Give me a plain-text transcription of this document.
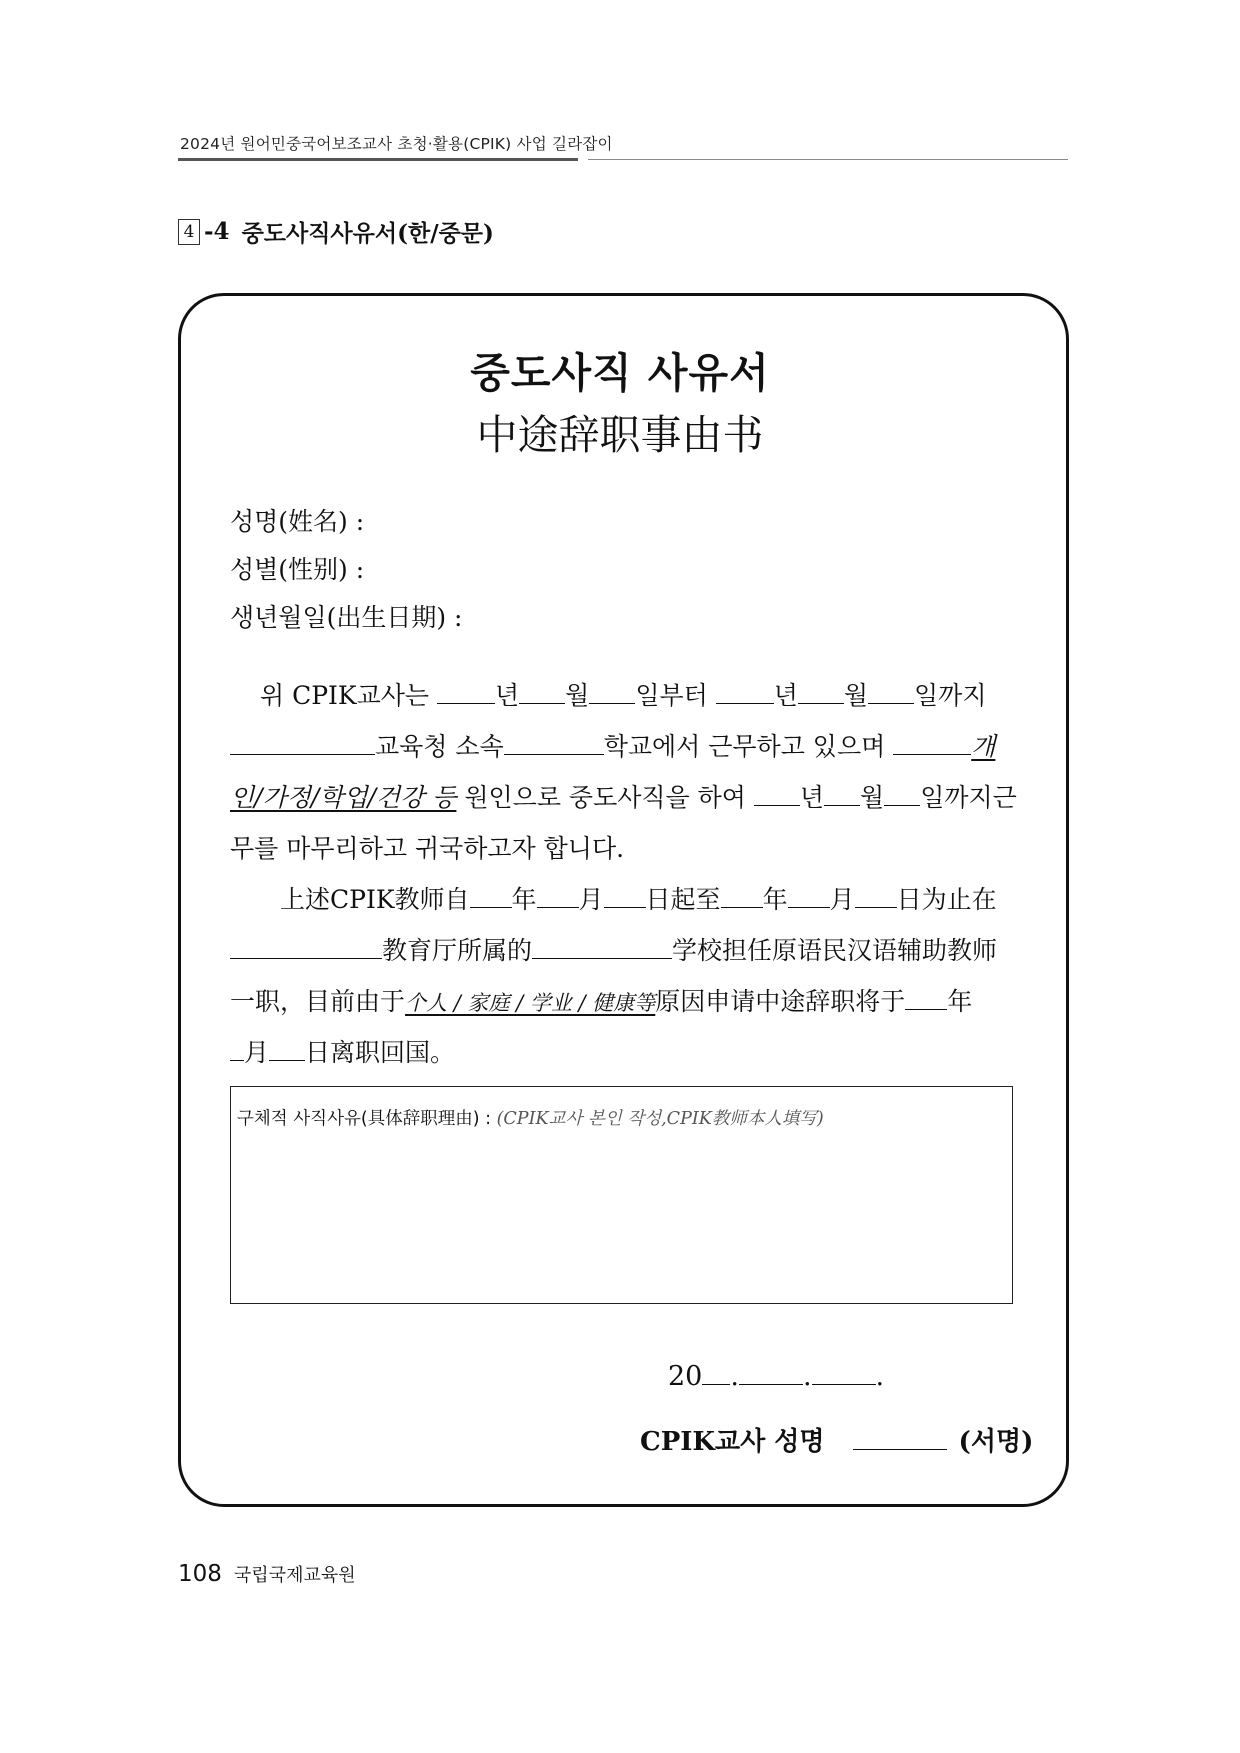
2024년 원어민중국어보조교사 초청·활용(CPIK) 사업 길라잡이
4 -4 중도사직사유서(한/중문)
중도사직 사유서
中途辞职事由书
성명(姓名) :
성별(性别) :
생년월일(出生日期) :
위 CPIK교사는 년 월 일부터 년 월 일까지
교육청 소속	학교에서 근무하고 있으며	개
인/가정/학업/건강 등 원인으로 중도사직을 하여 년 월 일까지근
무를 마무리하고 귀국하고자 합니다.
上述CPIK教师自 年 月 日起至 年 月 日为止在
教育厅所属的	学校担任原语民汉语辅助教师
一职，目前由于个人 / 家庭 / 学业 / 健康等原因申请中途辞职将于 年
月 日离职回国。
구체적 사직사유(具体辞职理由) : (CPIK교사 본인 작성,CPIK教师本人填写)
20 . . .
CPIK교사 성명	(서명)
108 국립국제교육원
